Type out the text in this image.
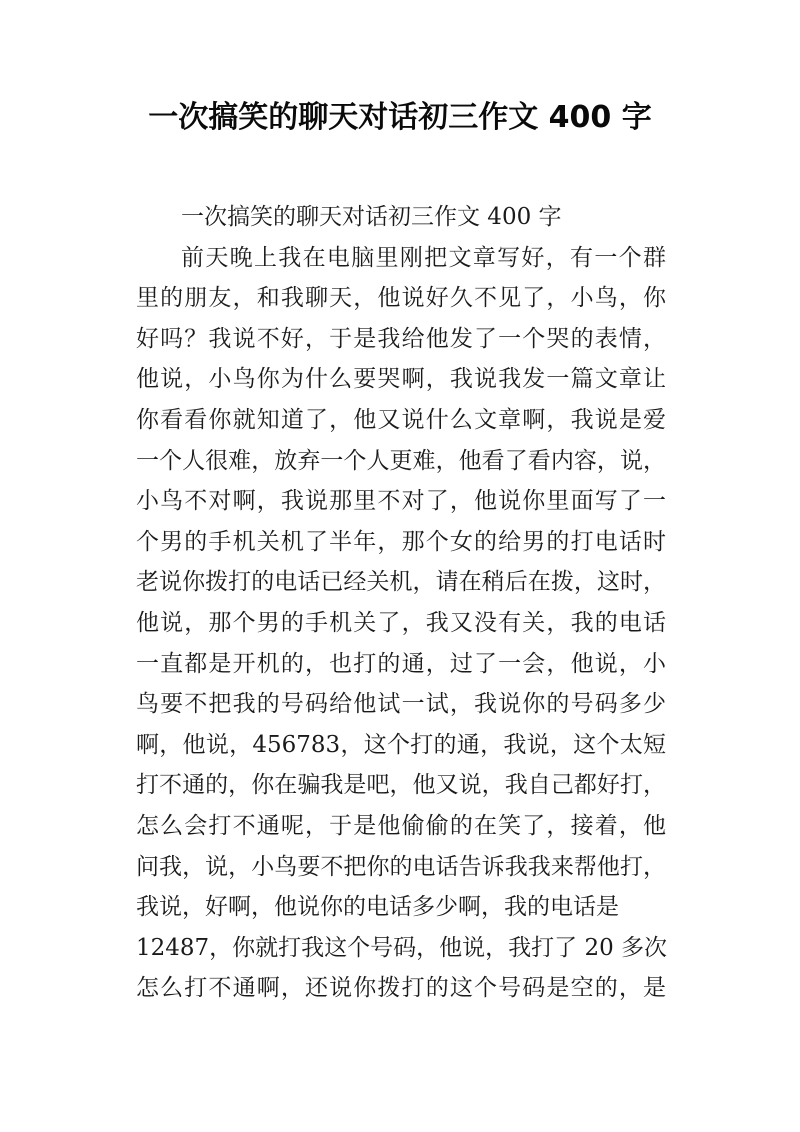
一次搞笑的聊天对话初三作文 400 字
一次搞笑的聊天对话初三作文 400 字
前天晚上我在电脑里刚把文章写好，有一个群
里的朋友，和我聊天，他说好久不见了，小鸟，你
好吗？我说不好，于是我给他发了一个哭的表情，
他说，小鸟你为什么要哭啊，我说我发一篇文章让
你看看你就知道了，他又说什么文章啊，我说是爱
一个人很难，放弃一个人更难，他看了看内容，说，
小鸟不对啊，我说那里不对了，他说你里面写了一
个男的手机关机了半年，那个女的给男的打电话时
老说你拨打的电话已经关机，请在稍后在拨，这时，
他说，那个男的手机关了，我又没有关，我的电话
一直都是开机的，也打的通，过了一会，他说，小
鸟要不把我的号码给他试一试，我说你的号码多少
啊，他说，456783，这个打的通，我说，这个太短
打不通的，你在骗我是吧，他又说，我自己都好打，
怎么会打不通呢，于是他偷偷的在笑了，接着，他
问我，说，小鸟要不把你的电话告诉我我来帮他打，
我说，好啊，他说你的电话多少啊，我的电话是
12487，你就打我这个号码，他说，我打了 20 多次
怎么打不通啊，还说你拨打的这个号码是空的，是
